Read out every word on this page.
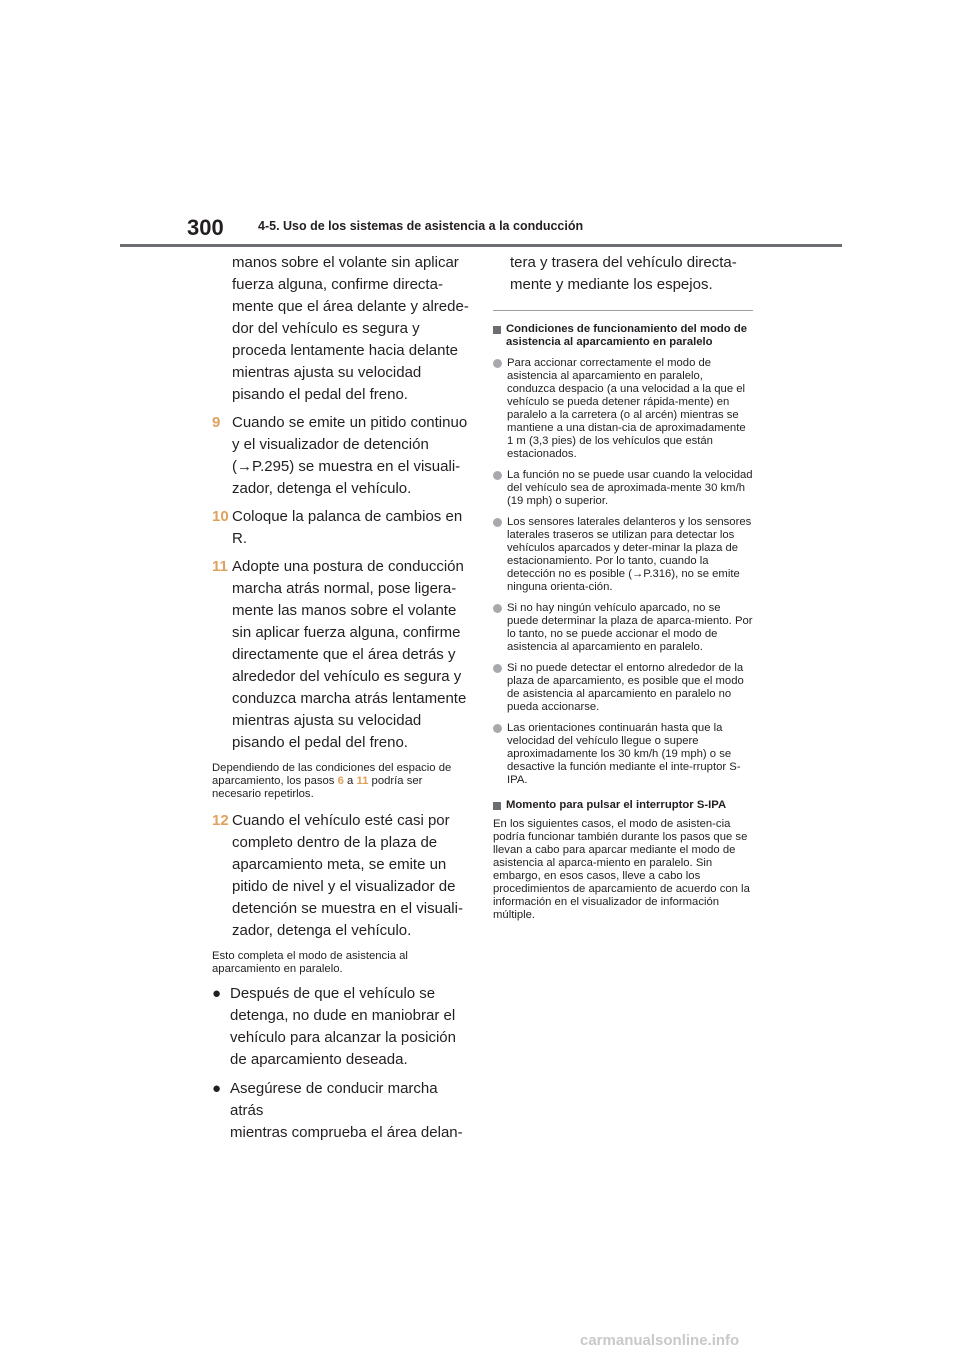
300	4-5. Uso de los sistemas de asistencia a la conducción
manos sobre el volante sin aplicar
fuerza alguna, confirme directa-
mente que el área delante y alrede-
dor del vehículo es segura y
proceda lentamente hacia delante
mientras ajusta su velocidad
pisando el pedal del freno.
9 Cuando se emite un pitido continuo
y el visualizador de detención
(→P.295) se muestra en el visuali-
zador, detenga el vehículo.
10 Coloque la palanca de cambios en
R.
11 Adopte una postura de conducción
marcha atrás normal, pose ligera-
mente las manos sobre el volante
sin aplicar fuerza alguna, confirme
directamente que el área detrás y
alrededor del vehículo es segura y
conduzca marcha atrás lentamente
mientras ajusta su velocidad
pisando el pedal del freno.
Dependiendo de las condiciones del espacio de aparcamiento, los pasos 6 a 11 podría ser necesario repetirlos.
12 Cuando el vehículo esté casi por
completo dentro de la plaza de
aparcamiento meta, se emite un
pitido de nivel y el visualizador de
detención se muestra en el visuali-
zador, detenga el vehículo.
Esto completa el modo de asistencia al aparcamiento en paralelo.
● Después de que el vehículo se
detenga, no dude en maniobrar el
vehículo para alcanzar la posición
de aparcamiento deseada.
● Asegúrese de conducir marcha atrás
mientras comprueba el área delan-
tera y trasera del vehículo directa-
mente y mediante los espejos.
Condiciones de funcionamiento del modo de asistencia al aparcamiento en paralelo
Para accionar correctamente el modo de asistencia al aparcamiento en paralelo, conduzca despacio (a una velocidad a la que el vehículo se pueda detener rápida-mente) en paralelo a la carretera (o al arcén) mientras se mantiene a una distan-cia de aproximadamente 1 m (3,3 pies) de los vehículos que están estacionados.
La función no se puede usar cuando la velocidad del vehículo sea de aproximada-mente 30 km/h (19 mph) o superior.
Los sensores laterales delanteros y los sensores laterales traseros se utilizan para detectar los vehículos aparcados y deter-minar la plaza de estacionamiento. Por lo tanto, cuando la detección no es posible (→P.316), no se emite ninguna orienta-ción.
Si no hay ningún vehículo aparcado, no se puede determinar la plaza de aparca-miento. Por lo tanto, no se puede accionar el modo de asistencia al aparcamiento en paralelo.
Si no puede detectar el entorno alrededor de la plaza de aparcamiento, es posible que el modo de asistencia al aparcamiento en paralelo no pueda accionarse.
Las orientaciones continuarán hasta que la velocidad del vehículo llegue o supere aproximadamente los 30 km/h (19 mph) o se desactive la función mediante el inte-rruptor S-IPA.
Momento para pulsar el interruptor S-IPA
En los siguientes casos, el modo de asisten-cia podría funcionar también durante los pasos que se llevan a cabo para aparcar mediante el modo de asistencia al aparca-miento en paralelo. Sin embargo, en esos casos, lleve a cabo los procedimientos de aparcamiento de acuerdo con la información en el visualizador de información múltiple.
carmanualsonline.info
